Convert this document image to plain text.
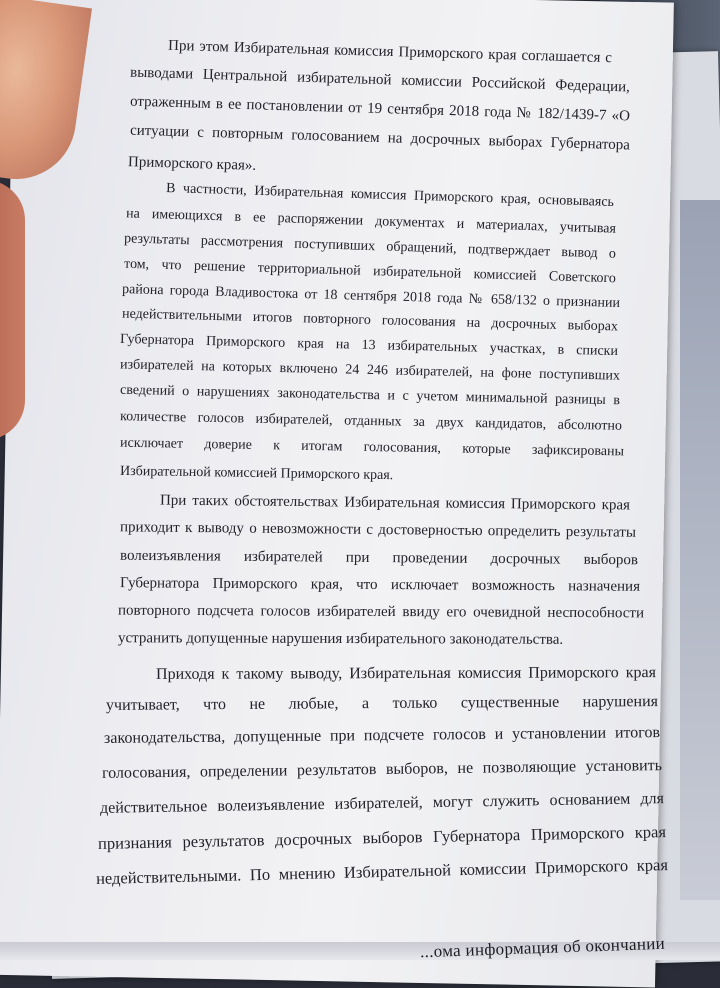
...ома информация об окончании
При этом Избирательная комиссия Приморского края соглашается с
выводами Центральной избирательной комиссии Российской Федерации,
отраженным в ее постановлении от 19 сентября 2018 года № 182/1439-7 «О
ситуации с повторным голосованием на досрочных выборах Губернатора
Приморского края».
В частности, Избирательная комиссия Приморского края, основываясь
на имеющихся в ее распоряжении документах и материалах, учитывая
результаты рассмотрения поступивших обращений, подтверждает вывод о
том, что решение территориальной избирательной комиссией Советского
района города Владивостока от 18 сентября 2018 года № 658/132 о признании
недействительными итогов повторного голосования на досрочных выборах
Губернатора Приморского края на 13 избирательных участках, в списки
избирателей на которых включено 24 246 избирателей, на фоне поступивших
сведений о нарушениях законодательства и с учетом минимальной разницы в
количестве голосов избирателей, отданных за двух кандидатов, абсолютно
исключает доверие к итогам голосования, которые зафиксированы
Избирательной комиссией Приморского края.
При таких обстоятельствах Избирательная комиссия Приморского края
приходит к выводу о невозможности с достоверностью определить результаты
волеизъявления избирателей при проведении досрочных выборов
Губернатора Приморского края, что исключает возможность назначения
повторного подсчета голосов избирателей ввиду его очевидной неспособности
устранить допущенные нарушения избирательного законодательства.
Приходя к такому выводу, Избирательная комиссия Приморского края
учитывает, что не любые, а только существенные нарушения
законодательства, допущенные при подсчете голосов и установлении итогов
голосования, определении результатов выборов, не позволяющие установить
действительное волеизъявление избирателей, могут служить основанием для
признания результатов досрочных выборов Губернатора Приморского края
недействительными. По мнению Избирательной комиссии Приморского края
